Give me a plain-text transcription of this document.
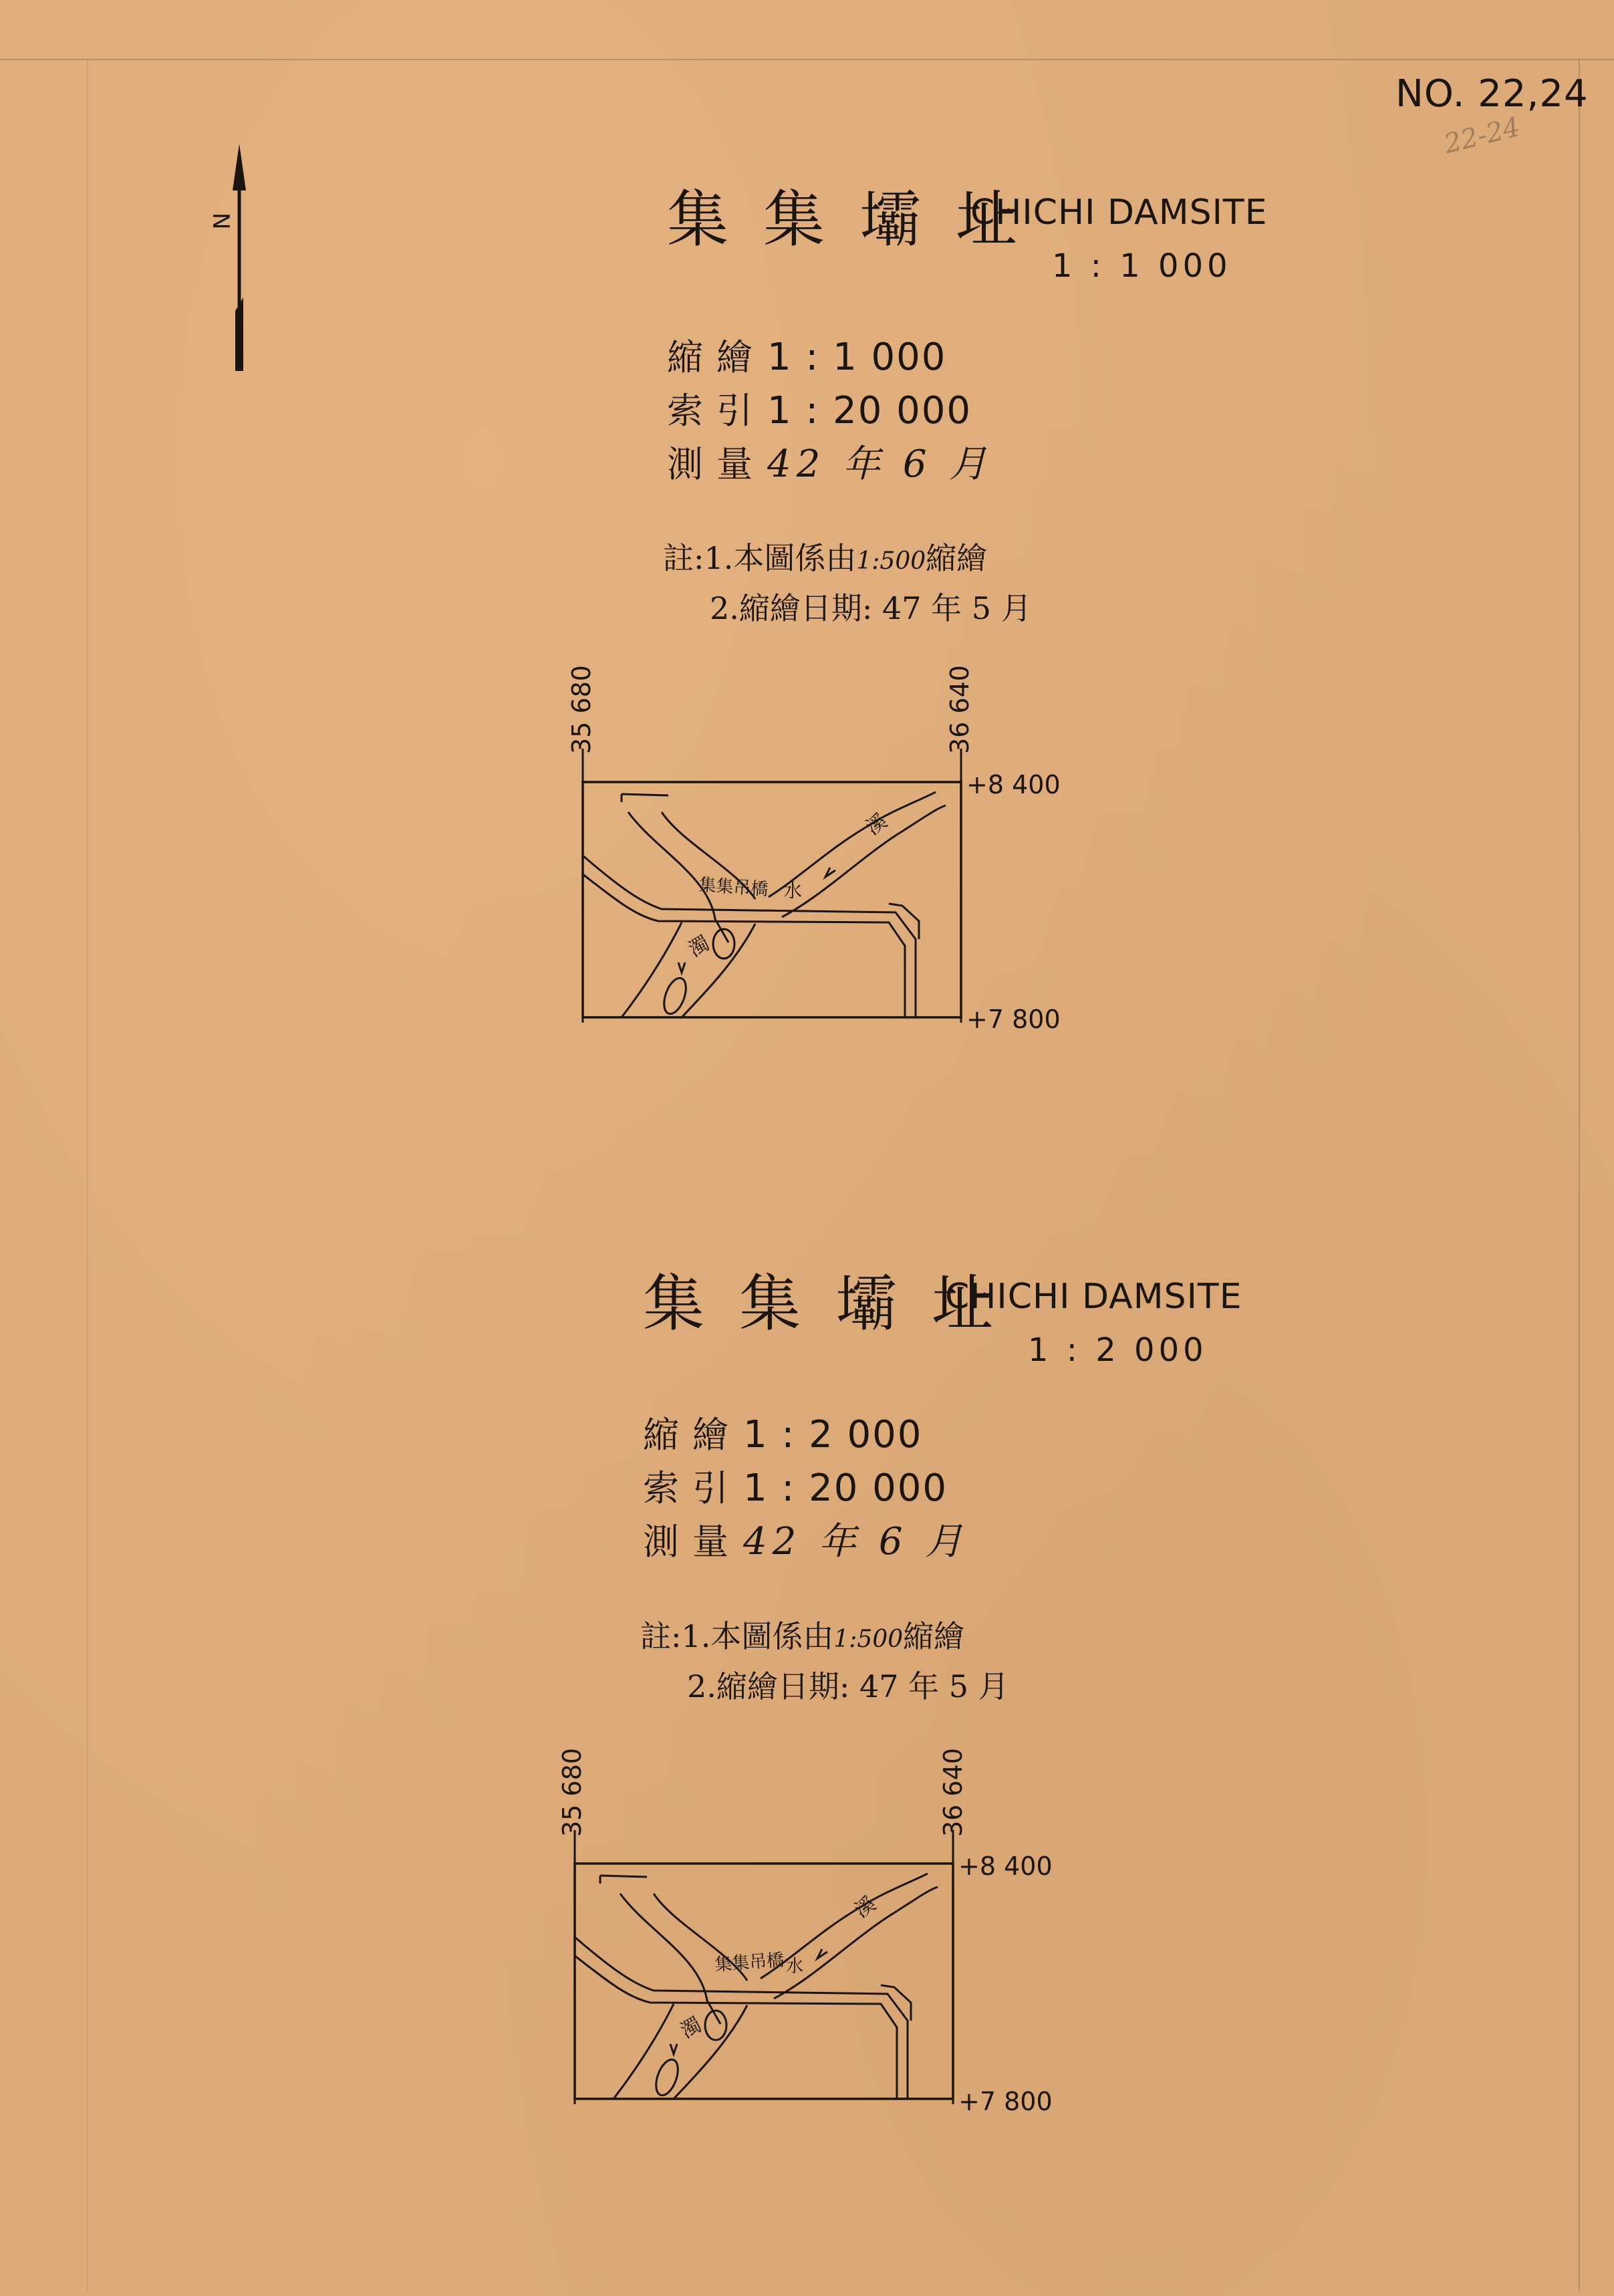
NO. 22,24
22-24
N	集集壩址
CHICHI DAMSITE
1 : 1 000
縮繪1 : 1 000
索引1 : 20 000
測量42 年 6 月
註:1.本圖係由1:500縮繪
2.縮繪日期: 47 年 5 月
35 680	36 640
+8 400
+7 800
集集吊橋 水
濁
溪
集集壩址
CHICHI DAMSITE
1 : 2 000
縮繪1 : 2 000
索引1 : 20 000
測量42 年 6 月
註:1.本圖係由1:500縮繪
2.縮繪日期: 47 年 5 月
35 680	36 640
+8 400
+7 800
集集吊橋 水
濁
溪
